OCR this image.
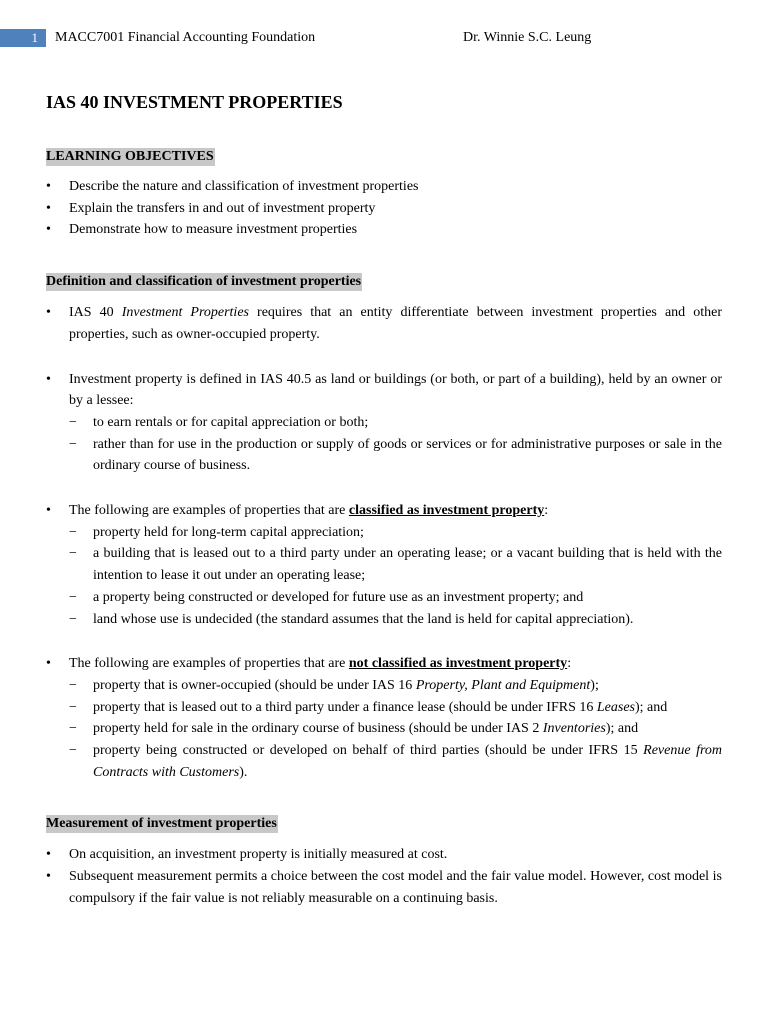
1	MACC7001 Financial Accounting Foundation	Dr. Winnie S.C. Leung
IAS 40 INVESTMENT PROPERTIES
LEARNING OBJECTIVES
• Describe the nature and classification of investment properties
• Explain the transfers in and out of investment property
• Demonstrate how to measure investment properties
Definition and classification of investment properties
• IAS 40 Investment Properties requires that an entity differentiate between investment properties and other properties, such as owner-occupied property.
• Investment property is defined in IAS 40.5 as land or buildings (or both, or part of a building), held by an owner or by a lessee:
− to earn rentals or for capital appreciation or both;
− rather than for use in the production or supply of goods or services or for administrative purposes or sale in the ordinary course of business.
• The following are examples of properties that are classified as investment property:
− property held for long-term capital appreciation;
− a building that is leased out to a third party under an operating lease; or a vacant building that is held with the intention to lease it out under an operating lease;
− a property being constructed or developed for future use as an investment property; and
− land whose use is undecided (the standard assumes that the land is held for capital appreciation).
• The following are examples of properties that are not classified as investment property:
− property that is owner-occupied (should be under IAS 16 Property, Plant and Equipment);
− property that is leased out to a third party under a finance lease (should be under IFRS 16 Leases); and
− property held for sale in the ordinary course of business (should be under IAS 2 Inventories); and
− property being constructed or developed on behalf of third parties (should be under IFRS 15 Revenue from Contracts with Customers).
Measurement of investment properties
• On acquisition, an investment property is initially measured at cost.
• Subsequent measurement permits a choice between the cost model and the fair value model. However, cost model is compulsory if the fair value is not reliably measurable on a continuing basis.
